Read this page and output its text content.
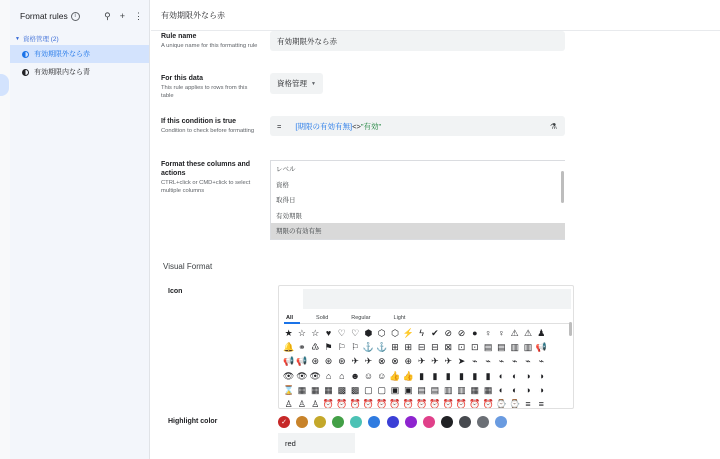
Format rules	i	⚲ + ⋮
▼ 資格管理 (2)
有効期限外なら赤
有効期限内なら青
有効期限外なら赤
Rule name
A unique name for this formatting rule
有効期限外なら赤
For this data
This rule applies to rows from this table
資格管理 ▼
If this condition is true
Condition to check before formatting
= [期限の有効有無] <> "有効"	⚗
Format these columns and actions
CTRL+click or CMD+click to select multiple columns
レベル
資格
取得日
有効期限
期限の有効有無
Visual Format
Icon
All	Solid	Regular	Light
★ ☆ ☆ ♥ ♡ ♡ ⬢ ⬡ ⬡ ⚡ ϟ ✔ ⊘ ⊘ ● ♀ ♀ ⚠ ⚠ ♟
🔔 ⚭ ♳ ⚑ ⚐ ⚐ ⚓ ⚓ ⊞ ⊞ ⊟ ⊟ ⊠ ⊡ ⊡ ▤ ▤ ▥ ▥ 📢
📢 📢 ⊛ ⊛ ⊛ ✈ ✈ ⊗ ⊗ ⊕ ✈ ✈ ✈ ➤ ⌁ ⌁ ⌁ ⌁ ⌁ ⌁
👁 👁 👁 ⌂ ⌂ ☻ ☺ ☺ 👍 👍 ▮ ▮ ▮ ▮ ▮ ▮ ◐ ◐ ◑ ◑
⌛ ▦ ▦ ▦ ▩ ▩ ▢ ▢ ▣ ▣ ▤ ▤ ▥ ▥ ▦ ▦ ◐ ◐ ◑ ◑
♙ ♙ ♙ ⏰ ⏰ ⏰ ⏰ ⏰ ⏰ ⏰ ⏰ ⏰ ⏰ ⏰ ⏰ ⏰ ⌚ ⌚ ≡ ≡
Highlight color	✓
red
